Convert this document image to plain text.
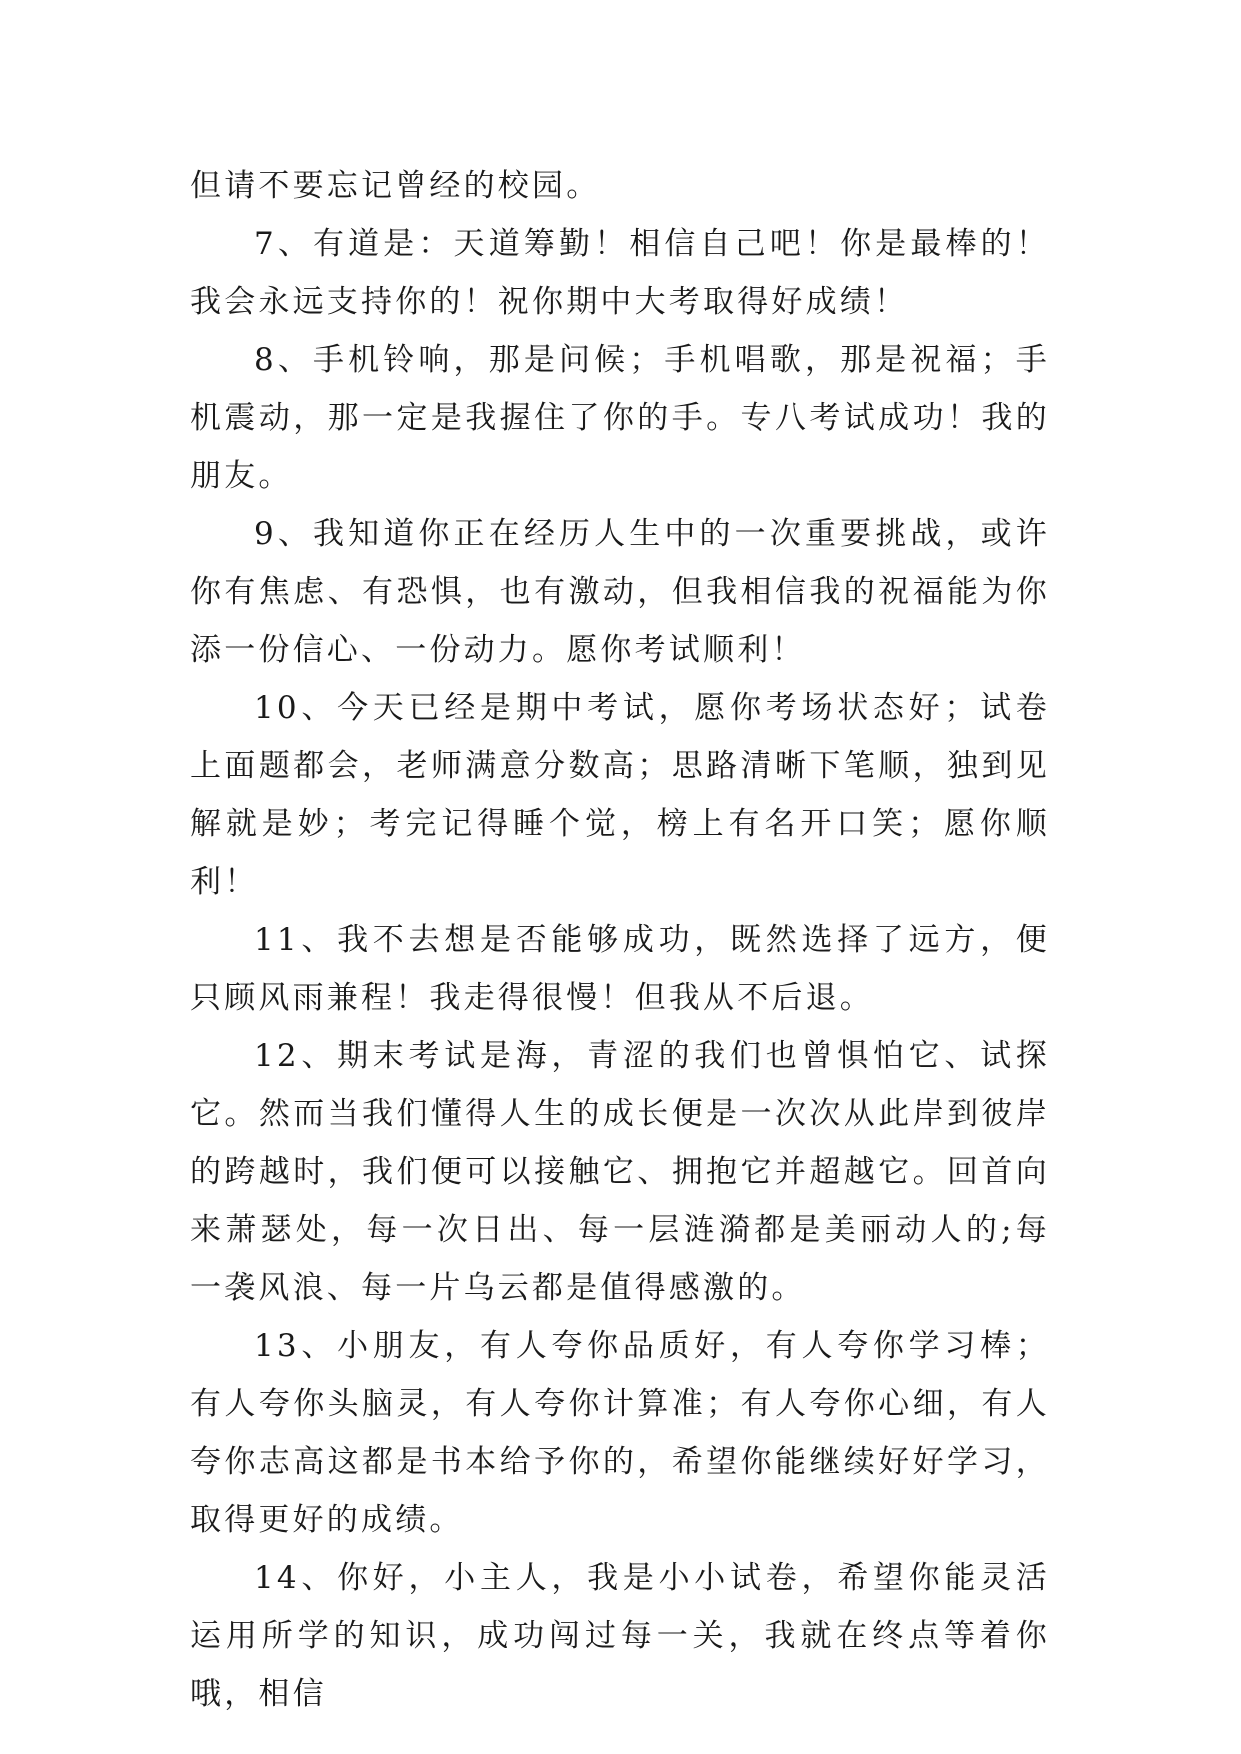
但请不要忘记曾经的校园。

7、有道是：天道筹勤！相信自己吧！你是最棒的！我会永远支持你的！祝你期中大考取得好成绩！

8、手机铃响，那是问候；手机唱歌，那是祝福；手机震动，那一定是我握住了你的手。专八考试成功！我的朋友。

9、我知道你正在经历人生中的一次重要挑战，或许你有焦虑、有恐惧，也有激动，但我相信我的祝福能为你添一份信心、一份动力。愿你考试顺利！

10、今天已经是期中考试，愿你考场状态好；试卷上面题都会，老师满意分数高；思路清晰下笔顺，独到见解就是妙；考完记得睡个觉，榜上有名开口笑；愿你顺利！

11、我不去想是否能够成功，既然选择了远方，便只顾风雨兼程！我走得很慢！但我从不后退。

12、期末考试是海，青涩的我们也曾惧怕它、试探它。然而当我们懂得人生的成长便是一次次从此岸到彼岸的跨越时，我们便可以接触它、拥抱它并超越它。回首向来萧瑟处，每一次日出、每一层涟漪都是美丽动人的;每一袭风浪、每一片乌云都是值得感激的。

13、小朋友，有人夸你品质好，有人夸你学习棒；有人夸你头脑灵，有人夸你计算准；有人夸你心细，有人夸你志高这都是书本给予你的，希望你能继续好好学习，取得更好的成绩。

14、你好，小主人，我是小小试卷，希望你能灵活运用所学的知识，成功闯过每一关，我就在终点等着你哦，相信
